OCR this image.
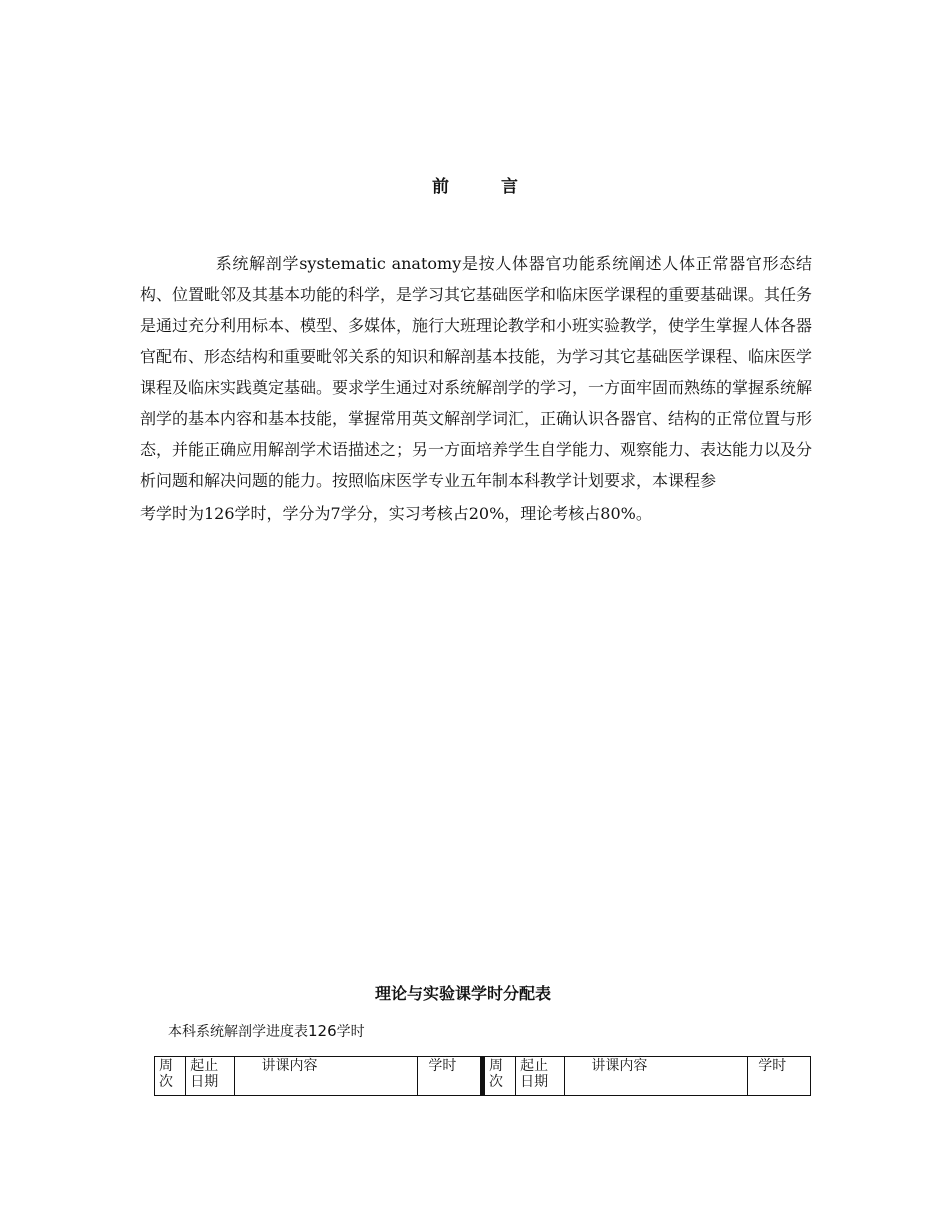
前	言

系统解剖学systematic anatomy是按人体器官功能系统阐述人体正常器官形态结构、位置毗邻及其基本功能的科学，是学习其它基础医学和临床医学课程的重要基础课。其任务是通过充分利用标本、模型、多媒体，施行大班理论教学和小班实验教学，使学生掌握人体各器官配布、形态结构和重要毗邻关系的知识和解剖基本技能，为学习其它基础医学课程、临床医学课程及临床实践奠定基础。要求学生通过对系统解剖学的学习，一方面牢固而熟练的掌握系统解剖学的基本内容和基本技能，掌握常用英文解剖学词汇，正确认识各器官、结构的正常位置与形态，并能正确应用解剖学术语描述之；另一方面培养学生自学能力、观察能力、表达能力以及分析问题和解决问题的能力。按照临床医学专业五年制本科教学计划要求，本课程参
考学时为126学时，学分为7学分，实习考核占20%，理论考核占80%。

理论与实验课学时分配表
本科系统解剖学进度表126学时
周次	起止日期	讲课内容	学时	周次	起止日期	讲课内容	学时
